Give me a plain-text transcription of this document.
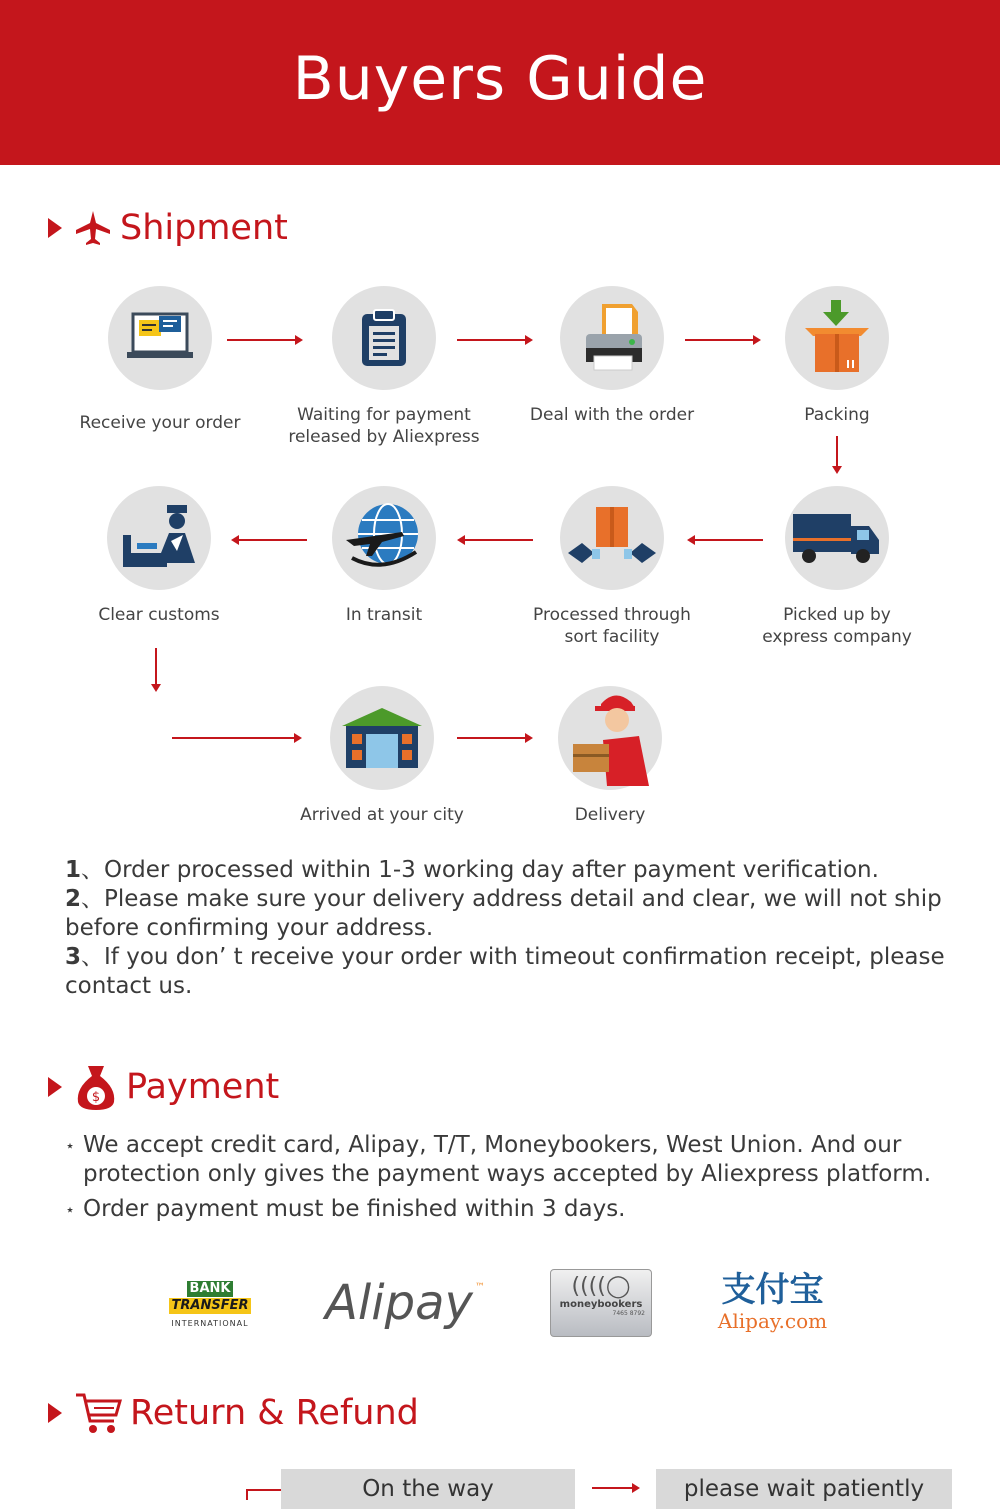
Buyers Guide
Shipment
Receive your order	Waiting for payment
released by Aliexpress
Deal with the order	Packing
Picked up by
express company
Processed through
sort facility
In transit
Clear customs
Arrived at your city	Delivery

1、Order processed within 1-3 working day after payment verification.

2、Please make sure your delivery address detail and clear, we will not ship before confirming your address.

3、If you don’ t receive your order with timeout confirmation receipt, please contact us.

$ Payment
⋆ We accept credit card, Alipay, T/T, Moneybookers, West Union. And our protection only gives the payment ways accepted by Aliexpress platform.
⋆ Order payment must be finished within 3 days.
BANKTRANSFER
INTERNATIONAL	Alipay ™	((((◯
moneybookers
7465 8792
支付宝
Alipay.com
Return & Refund
On the way	please wait patiently
